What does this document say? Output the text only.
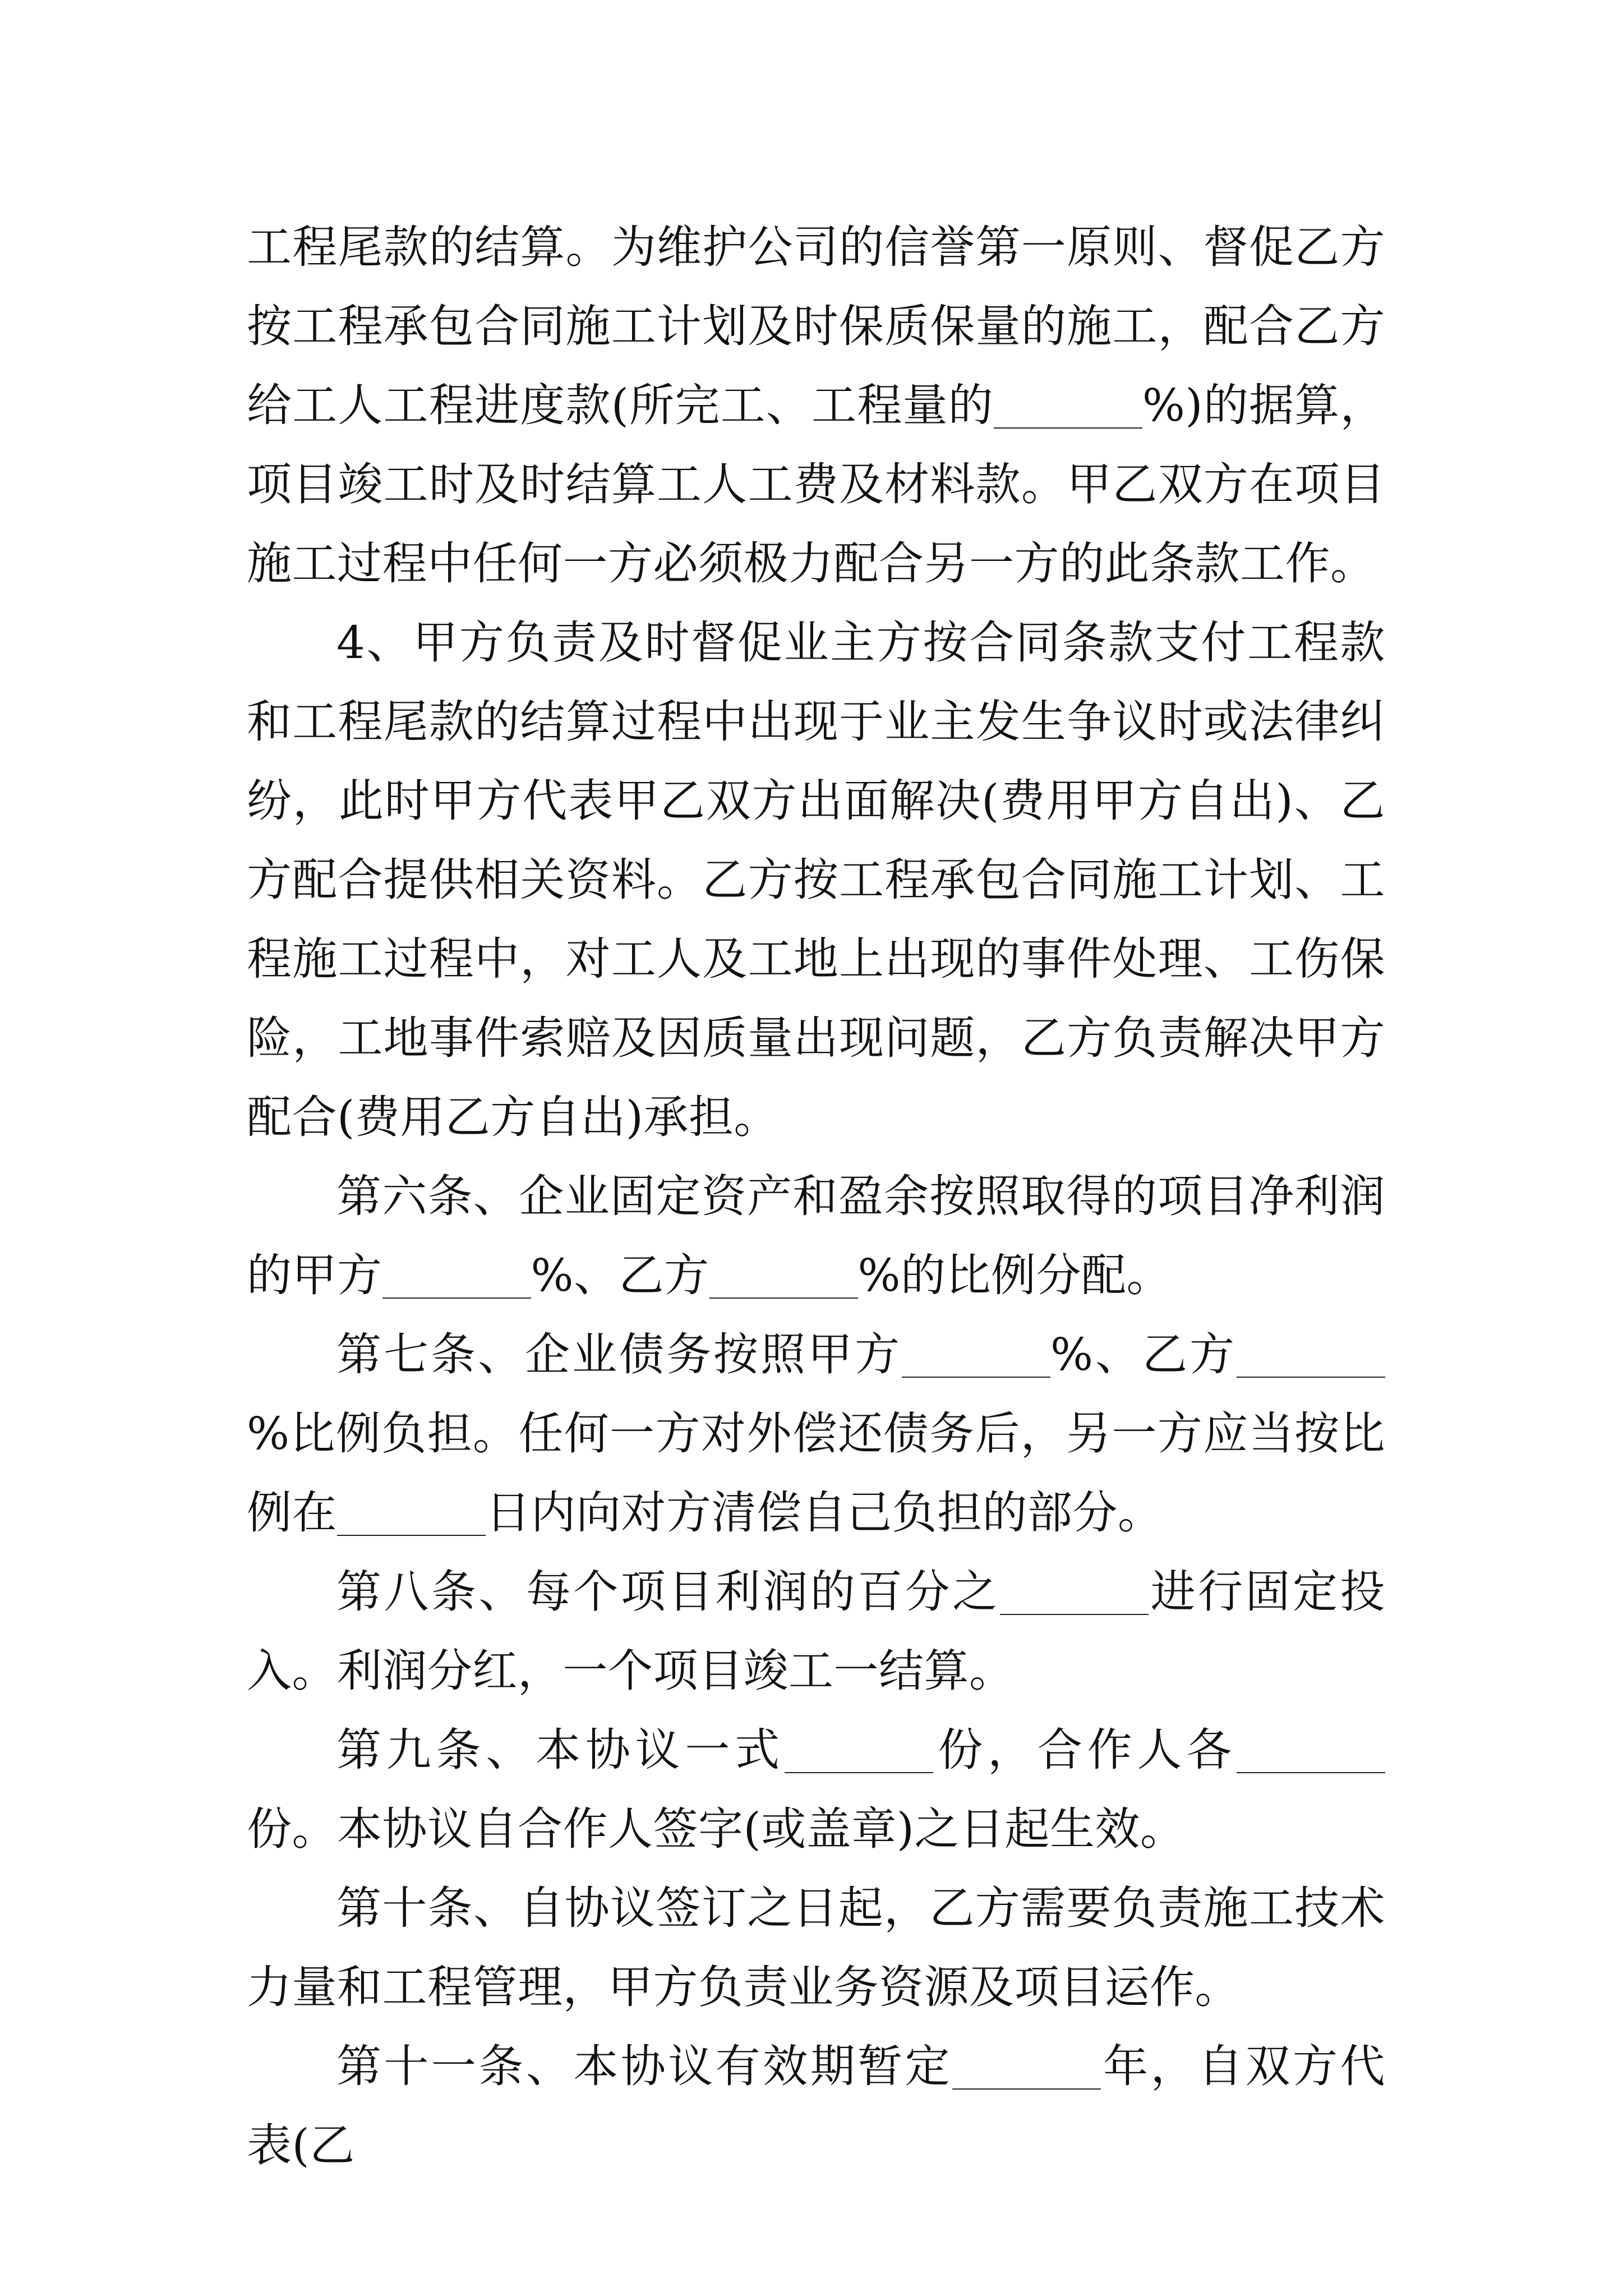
工程尾款的结算。为维护公司的信誉第一原则、督促乙方按工程承包合同施工计划及时保质保量的施工，配合乙方给工人工程进度款(所完工、工程量的	%)的据算，项目竣工时及时结算工人工费及材料款。甲乙双方在项目施工过程中任何一方必须极力配合另一方的此条款工作。

4、甲方负责及时督促业主方按合同条款支付工程款和工程尾款的结算过程中出现于业主发生争议时或法律纠纷，此时甲方代表甲乙双方出面解决(费用甲方自出)、乙方配合提供相关资料。乙方按工程承包合同施工计划、工程施工过程中，对工人及工地上出现的事件处理、工伤保险，工地事件索赔及因质量出现问题，乙方负责解决甲方配合(费用乙方自出)承担。

第六条、企业固定资产和盈余按照取得的项目净利润的甲方	%、乙方	%的比例分配。

第七条、企业债务按照甲方	%、乙方%比例负担。任何一方对外偿还债务后，另一方应当按比例在	日内向对方清偿自己负担的部分。

第八条、每个项目利润的百分之	进行固定投入。利润分红，一个项目竣工一结算。

第九条、本协议一式	份，合作人各份。本协议自合作人签字(或盖章)之日起生效。

第十条、自协议签订之日起，乙方需要负责施工技术力量和工程管理，甲方负责业务资源及项目运作。

第十一条、本协议有效期暂定	年，自双方代表(乙
